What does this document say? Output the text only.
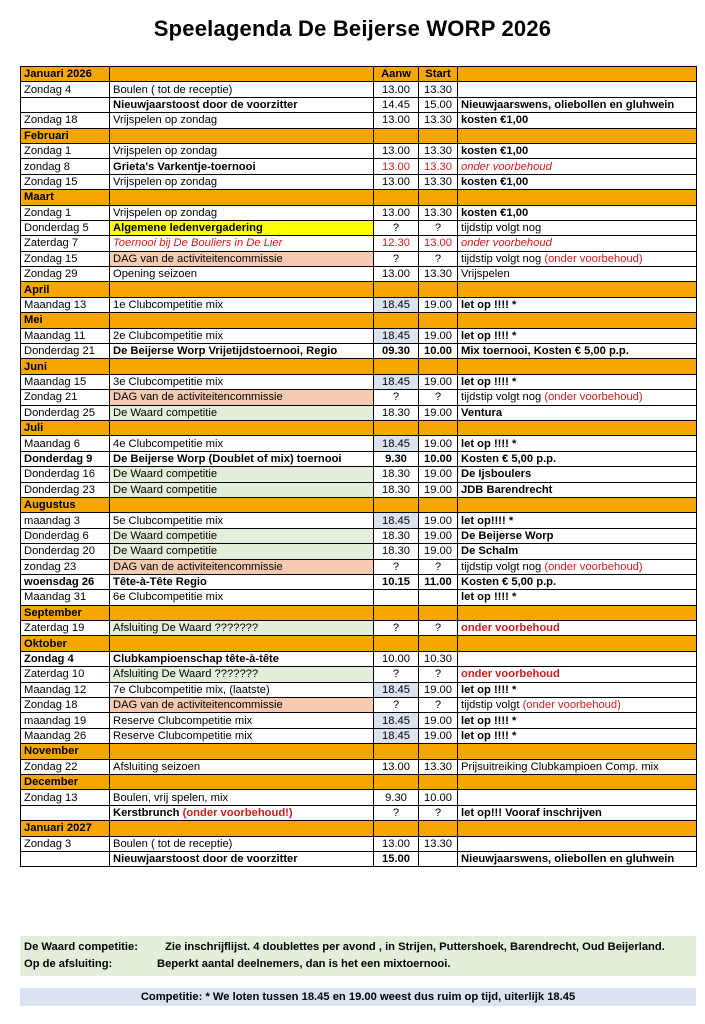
Speelagenda De Beijerse WORP 2026
Januari 2026		Aanw	Start	
Zondag 4	Boulen ( tot de receptie)	13.00	13.30	
	Nieuwjaarstoost door de voorzitter	14.45	15.00	Nieuwjaarswens, oliebollen en gluhwein
Zondag 18	Vrijspelen op zondag	13.00	13.30	kosten €1,00
Februari				
Zondag 1	Vrijspelen op zondag	13.00	13.30	kosten €1,00
zondag 8	Grieta's Varkentje-toernooi	13.00	13.30	onder voorbehoud
Zondag 15	Vrijspelen op zondag	13.00	13.30	kosten €1,00
Maart				
Zondag 1	Vrijspelen op zondag	13.00	13.30	kosten €1,00
Donderdag 5	Algemene ledenvergadering	?	?	tijdstip volgt nog
Zaterdag 7	Toernooi bij De Bouliers in De Lier	12.30	13.00	onder voorbehoud
Zondag 15	DAG van de activiteitencommissie	?	?	tijdstip volgt nog (onder voorbehoud)
Zondag 29	Opening seizoen	13.00	13.30	Vrijspelen
April				
Maandag 13	1e Clubcompetitie mix	18.45	19.00	let op !!!! *
Mei				
Maandag 11	2e Clubcompetitie mix	18.45	19.00	let op !!!! *
Donderdag 21	De Beijerse Worp Vrijetijdstoernooi, Regio	09.30	10.00	Mix toernooi, Kosten € 5,00 p.p.
Juni				
Maandag 15	3e Clubcompetitie mix	18.45	19.00	let op !!!! *
Zondag 21	DAG van de activiteitencommissie	?	?	tijdstip volgt nog (onder voorbehoud)
Donderdag 25	De Waard competitie	18.30	19.00	Ventura
Juli				
Maandag 6	4e Clubcompetitie mix	18.45	19.00	let op !!!! *
Donderdag 9	De Beijerse Worp (Doublet of mix) toernooi	9.30	10.00	Kosten € 5,00 p.p.
Donderdag 16	De Waard competitie	18.30	19.00	De Ijsboulers
Donderdag 23	De Waard competitie	18.30	19.00	JDB Barendrecht
Augustus				
maandag 3	5e Clubcompetitie mix	18.45	19.00	let op!!!! *
Donderdag 6	De Waard competitie	18.30	19.00	De Beijerse Worp
Donderdag 20	De Waard competitie	18.30	19.00	De Schalm
zondag 23	DAG van de activiteitencommissie	?	?	tijdstip volgt nog (onder voorbehoud)
woensdag 26	Tête-à-Tête Regio	10.15	11.00	Kosten € 5,00 p.p.
Maandag 31	6e Clubcompetitie mix			let op !!!! *
September				
Zaterdag 19	Afsluiting De Waard ???????	?	?	onder voorbehoud
Oktober				
Zondag 4	Clubkampioenschap tête-à-tête	10.00	10.30	
Zaterdag 10	Afsluiting De Waard ???????	?	?	onder voorbehoud
Maandag 12	7e Clubcompetitie mix, (laatste)	18.45	19.00	let op !!!! *
Zondag 18	DAG van de activiteitencommissie	?	?	tijdstip volgt (onder voorbehoud)
maandag 19	Reserve Clubcompetitie mix	18.45	19.00	let op !!!! *
Maandag 26	Reserve Clubcompetitie mix	18.45	19.00	let op !!!! *
November				
Zondag 22	Afsluiting seizoen	13.00	13.30	Prijsuitreiking Clubkampioen Comp. mix
December				
Zondag 13	Boulen, vrij spelen, mix	9.30	10.00	
	Kerstbrunch (onder voorbehoud!)	?	?	let op!!! Vooraf inschrijven
Januari 2027				
Zondag 3	Boulen ( tot de receptie)	13.00	13.30	
	Nieuwjaarstoost door de voorzitter	15.00		Nieuwjaarswens, oliebollen en gluhwein
De Waard competitie: Zie inschrijflijst. 4 doublettes per avond , in Strijen, Puttershoek, Barendrecht, Oud Beijerland.
Op de afsluiting:	Beperkt aantal deelnemers, dan is het een mixtoernooi.
Competitie: * We loten tussen 18.45 en 19.00 weest dus ruim op tijd, uiterlijk 18.45
